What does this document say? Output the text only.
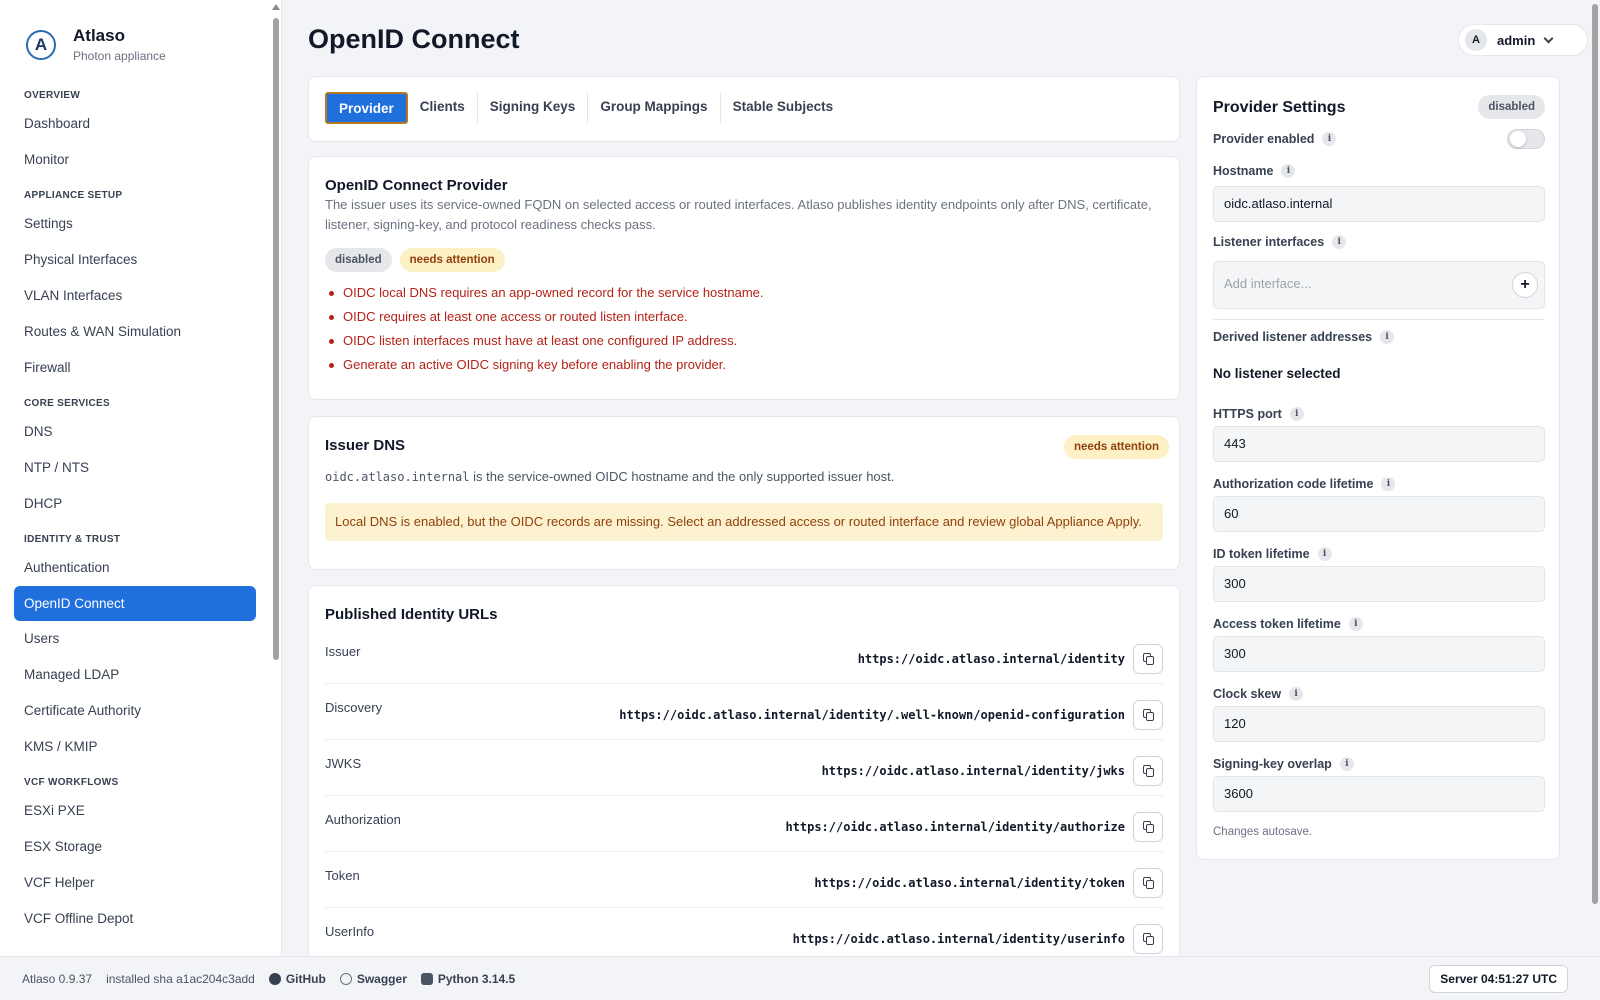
A	Atlaso
Photon appliance
OVERVIEW
Dashboard
Monitor
APPLIANCE SETUP
Settings
Physical Interfaces
VLAN Interfaces
Routes & WAN Simulation
Firewall
CORE SERVICES
DNS
NTP / NTS
DHCP
IDENTITY & TRUST
Authentication
OpenID Connect
Users
Managed LDAP
Certificate Authority
KMS / KMIP
VCF WORKFLOWS
ESXi PXE
ESX Storage
VCF Helper
VCF Offline Depot
OpenID Connect	A	admin
Provider	Clients	Signing Keys	Group Mappings	Stable Subjects
OpenID Connect Provider

The issuer uses its service-owned FQDN on selected access or routed interfaces. Atlaso publishes identity endpoints only after DNS, certificate, listener, signing-key, and protocol readiness checks pass.

disabled	needs attention
OIDC local DNS requires an app-owned record for the service hostname.
OIDC requires at least one access or routed listen interface.
OIDC listen interfaces must have at least one configured IP address.
Generate an active OIDC signing key before enabling the provider.
Issuer DNS	needs attention
oidc.atlaso.internal is the service-owned OIDC hostname and the only supported issuer host.
Local DNS is enabled, but the OIDC records are missing. Select an addressed access or routed interface and review global Appliance Apply.
Published Identity URLs
Issuer	https://oidc.atlaso.internal/identity
Discovery	https://oidc.atlaso.internal/identity/.well-known/openid-configuration
JWKS	https://oidc.atlaso.internal/identity/jwks
Authorization	https://oidc.atlaso.internal/identity/authorize
Token	https://oidc.atlaso.internal/identity/token
UserInfo	https://oidc.atlaso.internal/identity/userinfo
Provider Settings	disabled
Provider enabled	i
Hostname	i
oidc.atlaso.internal
Listener interfaces	i
Add interface...
+
Derived listener addresses	i
No listener selected
HTTPS port	i
443
Authorization code lifetime	i
60
ID token lifetime	i
300
Access token lifetime	i
300
Clock skew	i
120
Signing-key overlap	i
3600
Changes autosave.
Atlaso 0.9.37 installed sha a1ac204c3add	GitHub	Swagger	Python 3.14.5	Server 04:51:27 UTC
